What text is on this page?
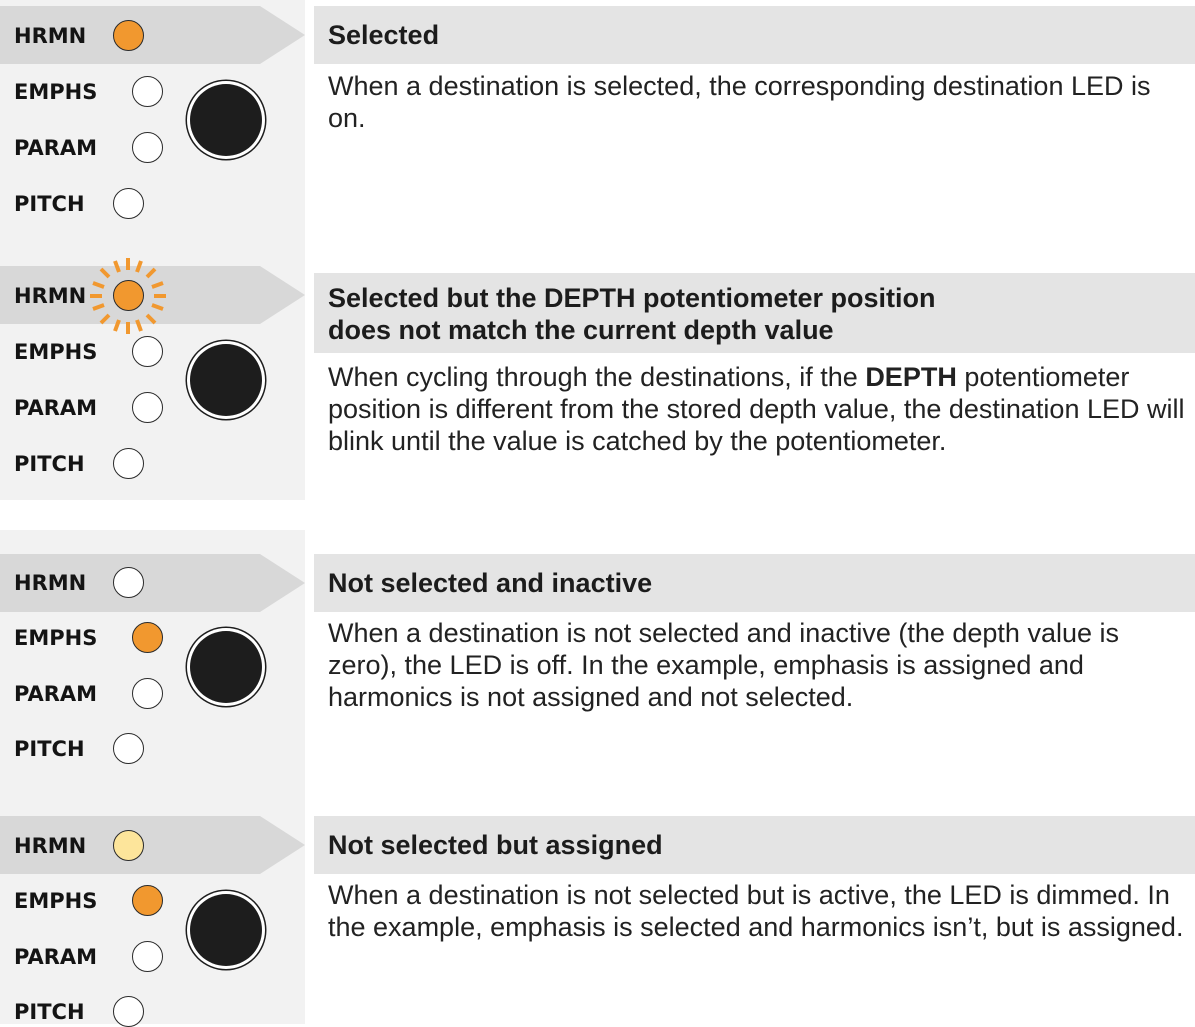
HRMN
EMPHS
PARAM
PITCH
Selected
When a destination is selected, the corresponding destination LED is on.
HRMN
EMPHS
PARAM
PITCH
Selected but the DEPTH potentiometer position
does not match the current depth value
When cycling through the destinations, if the DEPTH potentiometer position is different from the stored depth value, the destination LED will blink until the value is catched by the potentiometer.
HRMN
EMPHS
PARAM
PITCH
Not selected and inactive
When a destination is not selected and inactive (the depth value is zero), the LED is off. In the example, emphasis is assigned and harmonics is not assigned and not selected.
HRMN
EMPHS
PARAM
PITCH
Not selected but assigned
When a destination is not selected but is active, the LED is dimmed. In the example, emphasis is selected and harmonics isn’t, but is assigned.
